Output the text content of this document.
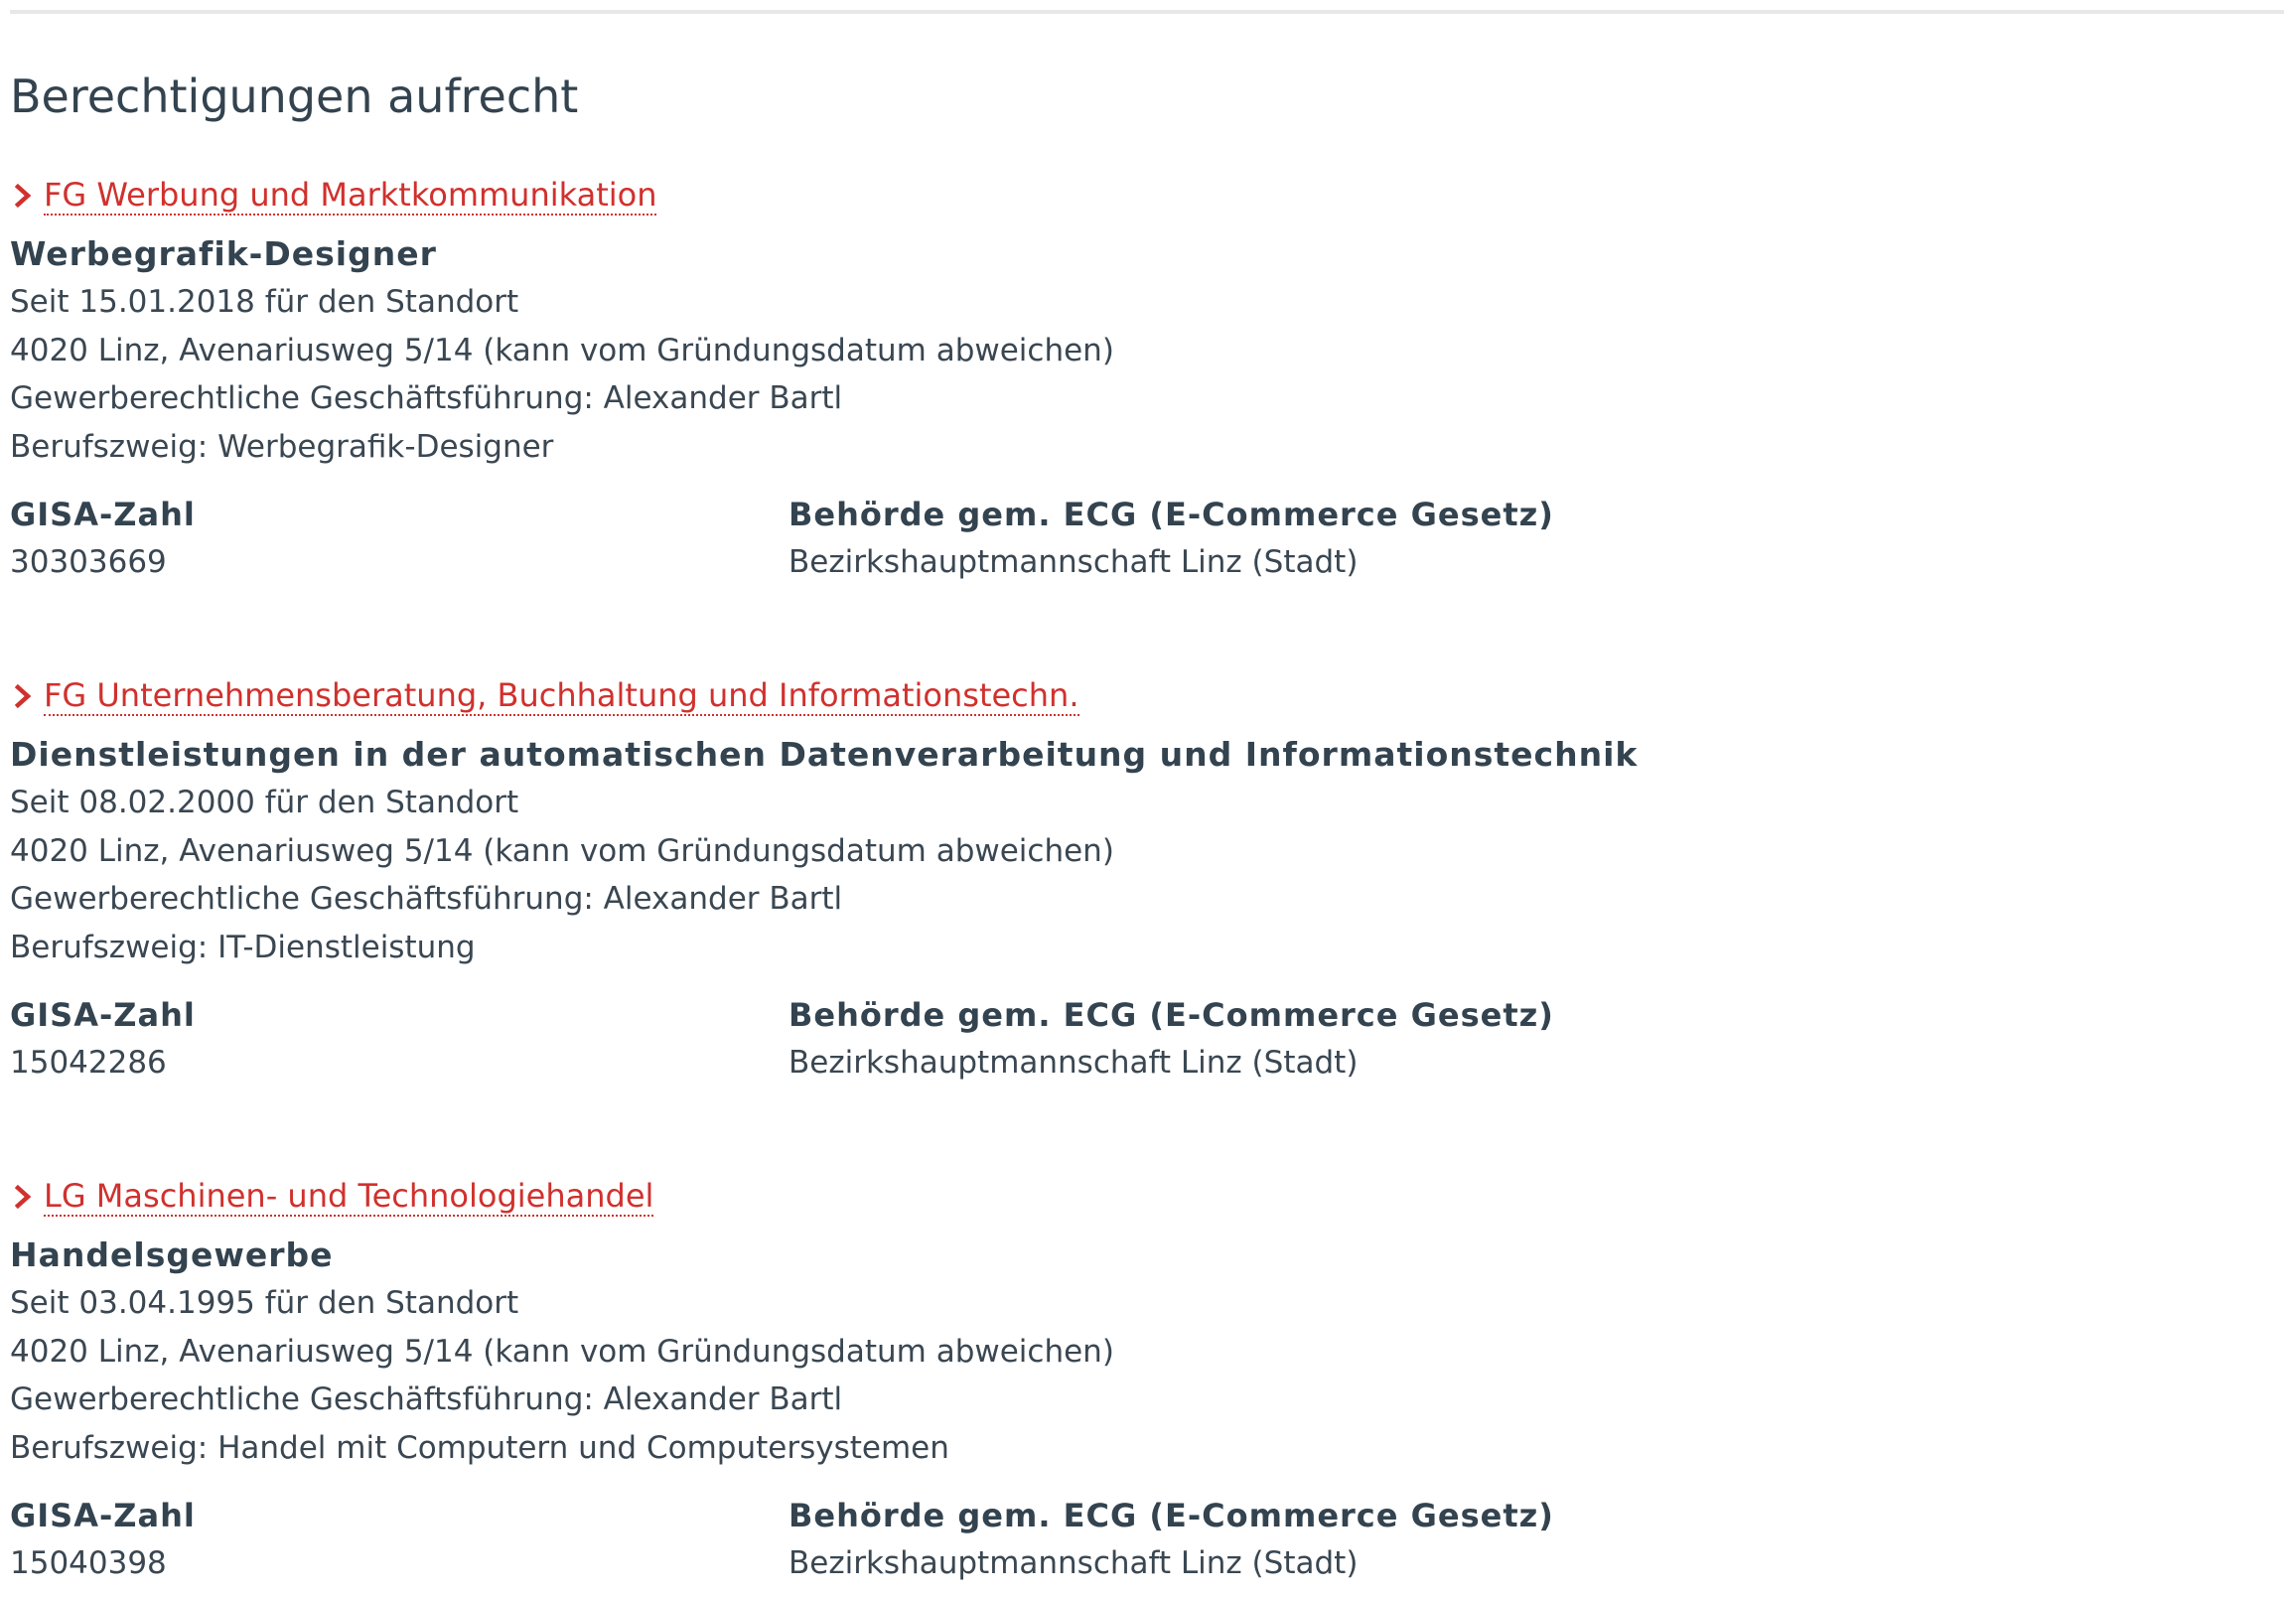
Berechtigungen aufrecht
FG Werbung und Marktkommunikation
Werbegrafik-Designer
Seit 15.01.2018 für den Standort
4020 Linz, Avenariusweg 5/14 (kann vom Gründungsdatum abweichen)
Gewerberechtliche Geschäftsführung: Alexander Bartl
Berufszweig: Werbegrafik-Designer
GISA-Zahl
30303669
Behörde gem. ECG (E-Commerce Gesetz)
Bezirkshauptmannschaft Linz (Stadt)
FG Unternehmensberatung, Buchhaltung und Informationstechn.
Dienstleistungen in der automatischen Datenverarbeitung und Informationstechnik
Seit 08.02.2000 für den Standort
4020 Linz, Avenariusweg 5/14 (kann vom Gründungsdatum abweichen)
Gewerberechtliche Geschäftsführung: Alexander Bartl
Berufszweig: IT-Dienstleistung
GISA-Zahl
15042286
Behörde gem. ECG (E-Commerce Gesetz)
Bezirkshauptmannschaft Linz (Stadt)
LG Maschinen- und Technologiehandel
Handelsgewerbe
Seit 03.04.1995 für den Standort
4020 Linz, Avenariusweg 5/14 (kann vom Gründungsdatum abweichen)
Gewerberechtliche Geschäftsführung: Alexander Bartl
Berufszweig: Handel mit Computern und Computersystemen
GISA-Zahl
15040398
Behörde gem. ECG (E-Commerce Gesetz)
Bezirkshauptmannschaft Linz (Stadt)
